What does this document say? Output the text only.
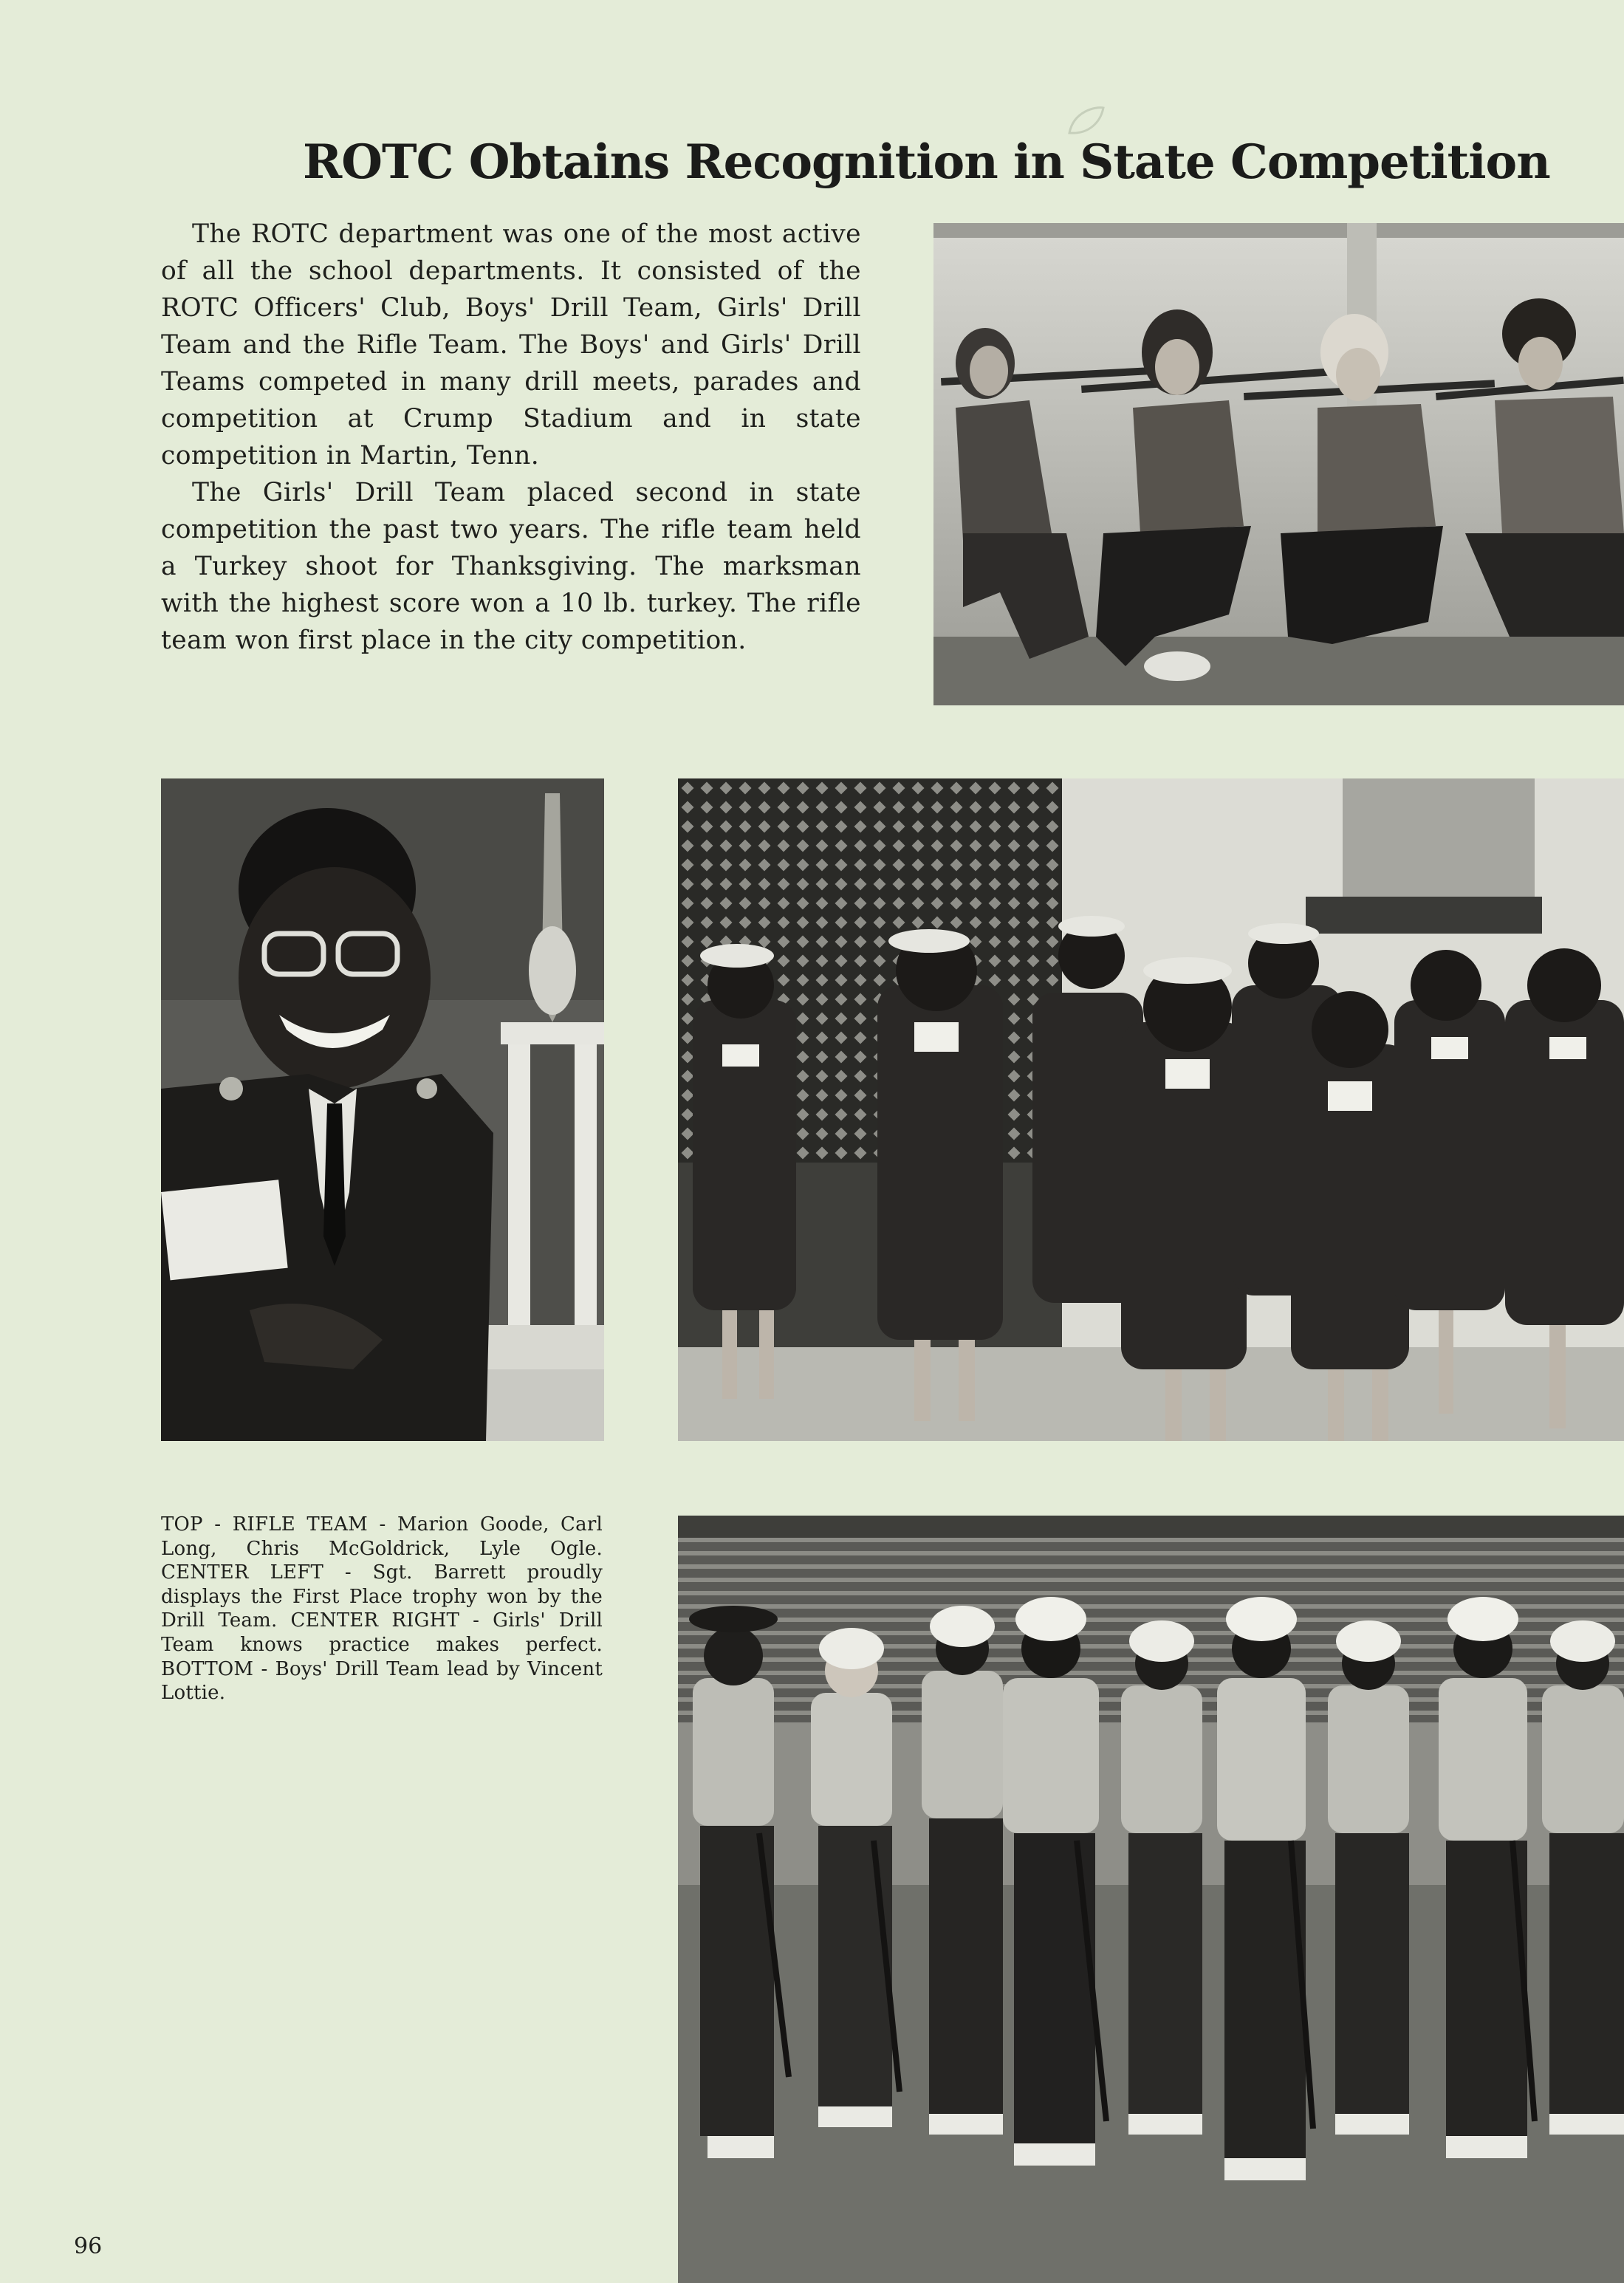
ROTC Obtains Recognition in State Competition

The ROTC department was one of the most active of all the school departments. It consisted of the ROTC Officers' Club, Boys' Drill Team, Girls' Drill Team and the Rifle Team. The Boys' and Girls' Drill Teams competed in many drill meets, parades and competition at Crump Stadium and in state competition in Martin, Tenn.

The Girls' Drill Team placed second in state competition the past two years. The rifle team held a Turkey shoot for Thanksgiving. The marksman with the highest score won a 10 lb. turkey. The rifle team won first place in the city competition.

TOP - RIFLE TEAM - Marion Goode, Carl Long, Chris McGoldrick, Lyle Ogle. CENTER LEFT - Sgt. Barrett proudly displays the First Place trophy won by the Drill Team. CENTER RIGHT - Girls' Drill Team knows practice makes perfect. BOTTOM - Boys' Drill Team lead by Vincent Lottie.
96
